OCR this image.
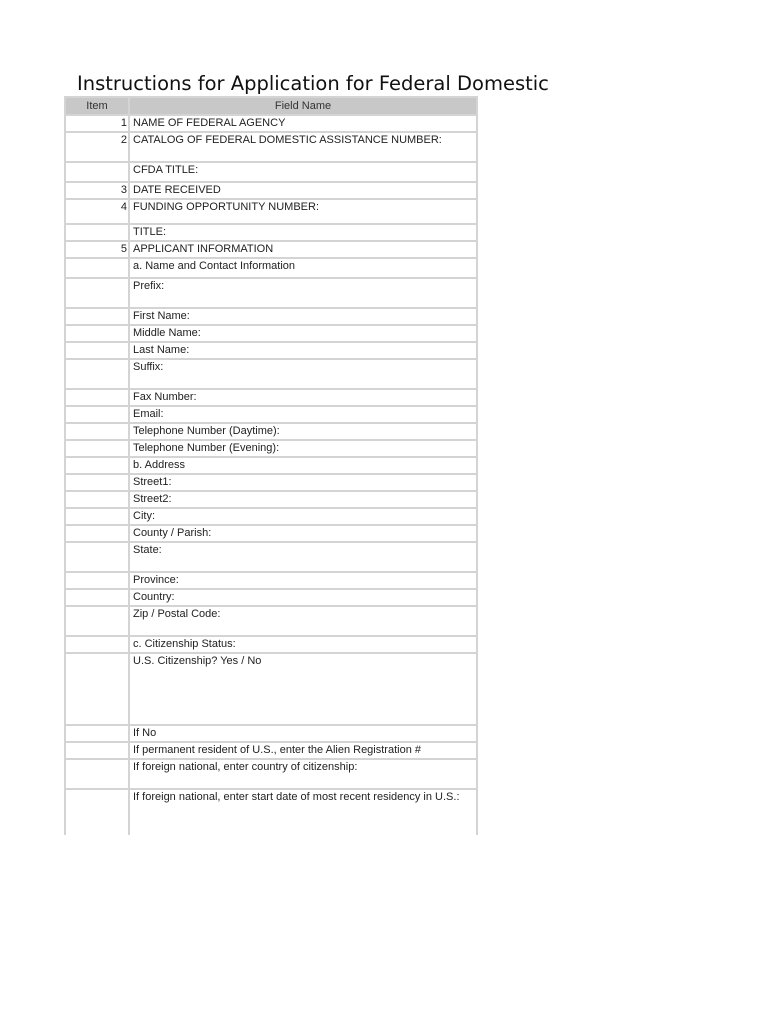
Instructions for Application for Federal Domestic
Item	Field Name
1	NAME OF FEDERAL AGENCY
2	CATALOG OF FEDERAL DOMESTIC ASSISTANCE NUMBER:
	CFDA TITLE:
3	DATE RECEIVED
4	FUNDING OPPORTUNITY NUMBER:
	TITLE:
5	APPLICANT INFORMATION
	a. Name and Contact Information
	Prefix:
	First Name:
	Middle Name:
	Last Name:
	Suffix:
	Fax Number:
	Email:
	Telephone Number (Daytime):
	Telephone Number (Evening):
	b. Address
	Street1:
	Street2:
	City:
	County / Parish:
	State:
	Province:
	Country:
	Zip / Postal Code:
	c. Citizenship Status:
	U.S. Citizenship? Yes / No
	If No
	If permanent resident of U.S., enter the Alien Registration #
	If foreign national, enter country of citizenship:
	If foreign national, enter start date of most recent residency in U.S.:
